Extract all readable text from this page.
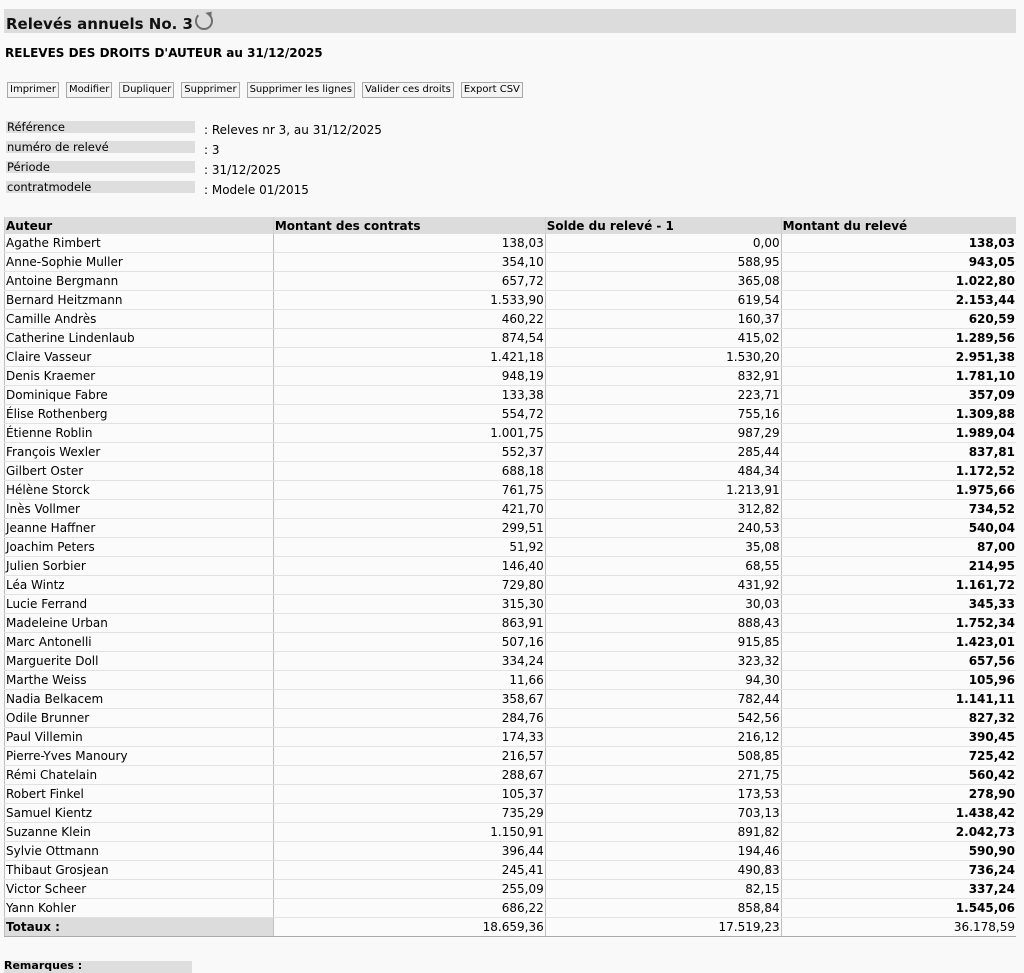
Relevés annuels No. 3
RELEVES DES DROITS D'AUTEUR au 31/12/2025
Imprimer	Modifier	Dupliquer	Supprimer	Supprimer les lignes	Valider ces droits	Export CSV
Référence	: Releves nr 3, au 31/12/2025
numéro de relevé	: 3
Période	: 31/12/2025
contratmodele	: Modele 01/2015
Auteur	Montant des contrats	Solde du relevé - 1	Montant du relevé
Agathe Rimbert	138,03	0,00	138,03
Anne-Sophie Muller	354,10	588,95	943,05
Antoine Bergmann	657,72	365,08	1.022,80
Bernard Heitzmann	1.533,90	619,54	2.153,44
Camille Andrès	460,22	160,37	620,59
Catherine Lindenlaub	874,54	415,02	1.289,56
Claire Vasseur	1.421,18	1.530,20	2.951,38
Denis Kraemer	948,19	832,91	1.781,10
Dominique Fabre	133,38	223,71	357,09
Élise Rothenberg	554,72	755,16	1.309,88
Étienne Roblin	1.001,75	987,29	1.989,04
François Wexler	552,37	285,44	837,81
Gilbert Oster	688,18	484,34	1.172,52
Hélène Storck	761,75	1.213,91	1.975,66
Inès Vollmer	421,70	312,82	734,52
Jeanne Haffner	299,51	240,53	540,04
Joachim Peters	51,92	35,08	87,00
Julien Sorbier	146,40	68,55	214,95
Léa Wintz	729,80	431,92	1.161,72
Lucie Ferrand	315,30	30,03	345,33
Madeleine Urban	863,91	888,43	1.752,34
Marc Antonelli	507,16	915,85	1.423,01
Marguerite Doll	334,24	323,32	657,56
Marthe Weiss	11,66	94,30	105,96
Nadia Belkacem	358,67	782,44	1.141,11
Odile Brunner	284,76	542,56	827,32
Paul Villemin	174,33	216,12	390,45
Pierre-Yves Manoury	216,57	508,85	725,42
Rémi Chatelain	288,67	271,75	560,42
Robert Finkel	105,37	173,53	278,90
Samuel Kientz	735,29	703,13	1.438,42
Suzanne Klein	1.150,91	891,82	2.042,73
Sylvie Ottmann	396,44	194,46	590,90
Thibaut Grosjean	245,41	490,83	736,24
Victor Scheer	255,09	82,15	337,24
Yann Kohler	686,22	858,84	1.545,06
Totaux :	18.659,36	17.519,23	36.178,59
Remarques :
